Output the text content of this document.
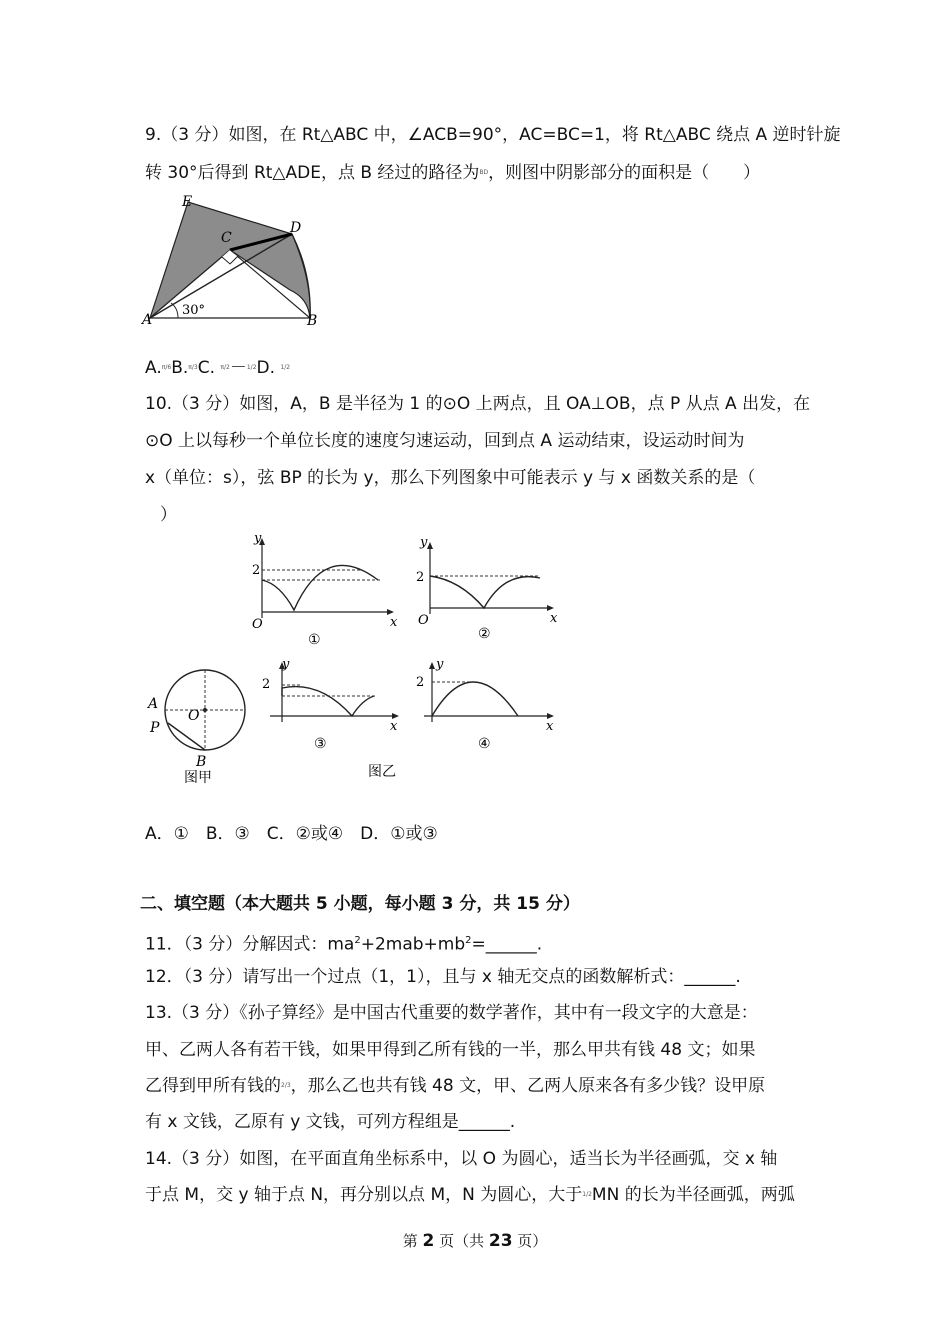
9.（3 分）如图，在 Rt△ABC 中，∠ACB=90°，AC=BC=1，将 Rt△ABC 绕点 A 逆时针旋
转 30°后得到 Rt△ADE，点 B 经过的路径为BD，则图中阴影部分的面积是（　　）
30°
E
C
D
A	B
A.π/6B.π/3C. π/2－1/2D. 1/2
10.（3 分）如图，A，B 是半径为 1 的⊙O 上两点，且 OA⊥OB，点 P 从点 A 出发，在
⊙O 上以每秒一个单位长度的速度匀速运动，回到点 A 运动结束，设运动时间为
x（单位：s），弦 BP 的长为 y，那么下列图象中可能表示 y 与 x 函数关系的是（
）
y
2
O	x
①
y
2
O	x
②
A
P
O
B
图甲
y
2
x
③
图乙
y
2
x
④
A．①　B．③　C．②或④　D．①或③
二、填空题（本大题共 5 小题，每小题 3 分，共 15 分）
11．（3 分）分解因式：$ma^2+2mab+mb^2=\_\_\_\_\_\_$.
12．（3 分）请写出一个过点（1，1），且与 x 轴无交点的函数解析式：______.
13.（3 分）《孙子算经》是中国古代重要的数学著作，其中有一段文字的大意是：
甲、乙两人各有若干钱，如果甲得到乙所有钱的一半，那么甲共有钱 48 文；如果
乙得到甲所有钱的2/3，那么乙也共有钱 48 文，甲、乙两人原来各有多少钱？设甲原
有 x 文钱，乙原有 y 文钱，可列方程组是______.
14.（3 分）如图，在平面直角坐标系中，以 O 为圆心，适当长为半径画弧，交 x 轴
于点 M，交 y 轴于点 N，再分别以点 M，N 为圆心，大于1/2MN 的长为半径画弧，两弧
第 2 页（共 23 页）
